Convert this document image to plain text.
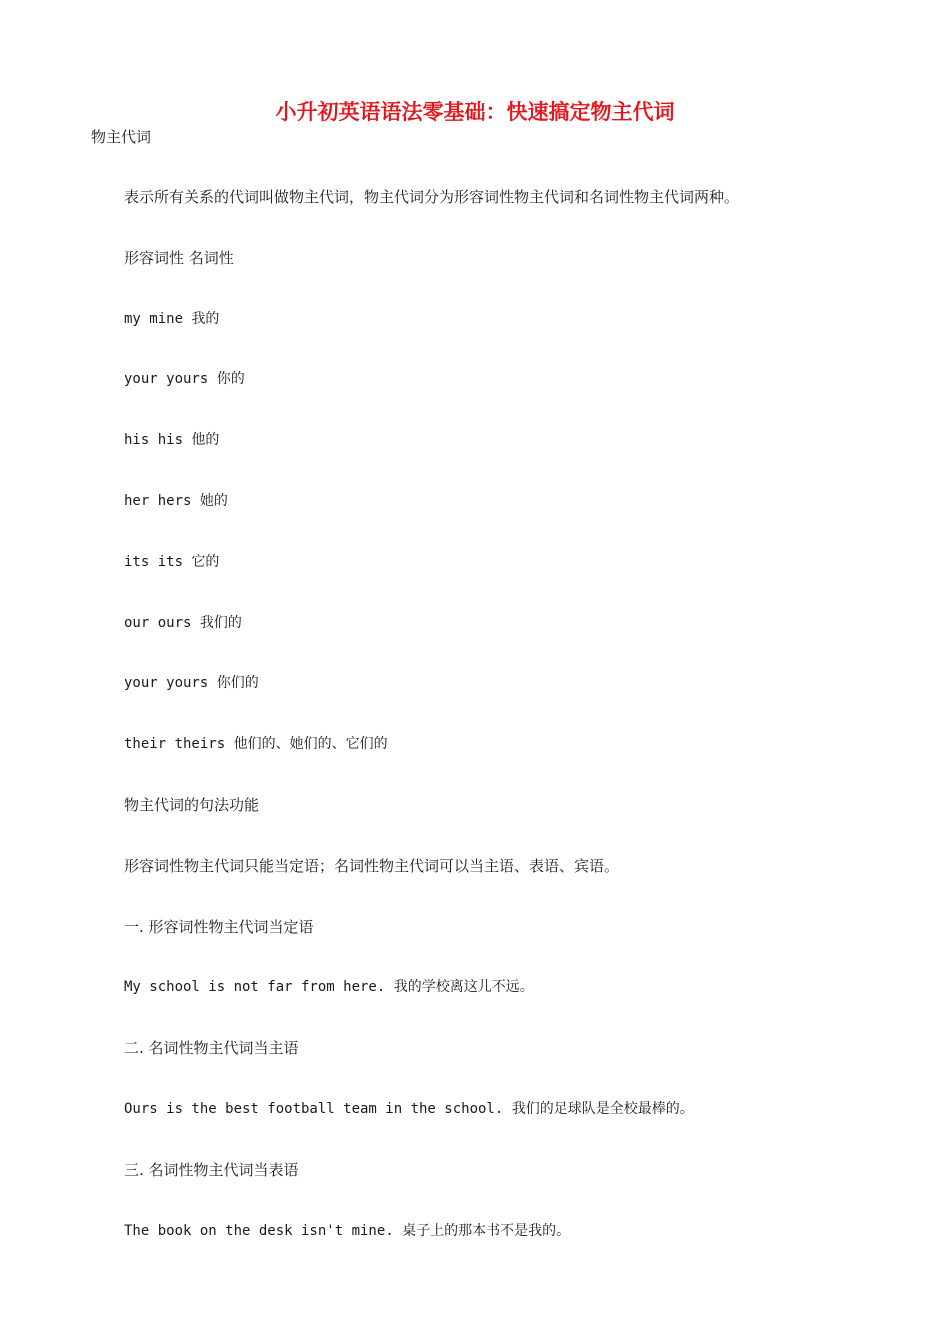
小升初英语语法零基础：快速搞定物主代词
物主代词
表示所有关系的代词叫做物主代词，物主代词分为形容词性物主代词和名词性物主代词两种。
形容词性 名词性
my mine 我的
your yours 你的
his his 他的
her hers 她的
its its 它的
our ours 我们的
your yours 你们的
their theirs 他们的、她们的、它们的
物主代词的句法功能
形容词性物主代词只能当定语；名词性物主代词可以当主语、表语、宾语。
一. 形容词性物主代词当定语
My school is not far from here. 我的学校离这儿不远。
二. 名词性物主代词当主语
Ours is the best football team in the school. 我们的足球队是全校最棒的。
三. 名词性物主代词当表语
The book on the desk isn't mine. 桌子上的那本书不是我的。
